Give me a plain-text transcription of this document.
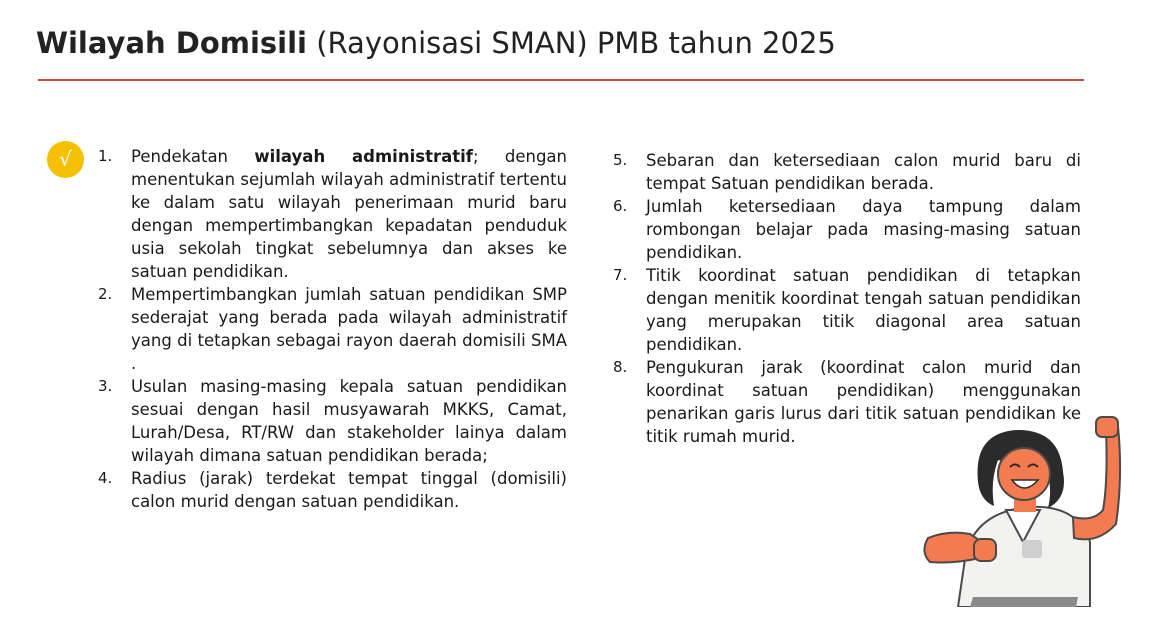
Wilayah Domisili (Rayonisasi SMAN) PMB tahun 2025
√	1. Pendekatan wilayah administratif; dengan menentukan sejumlah wilayah administratif tertentu ke dalam satu wilayah penerimaan murid baru dengan mempertimbangkan kepadatan penduduk usia sekolah tingkat sebelumnya dan akses ke satuan pendidikan.
2. Mempertimbangkan jumlah satuan pendidikan SMP sederajat yang berada pada wilayah administratif yang di tetapkan sebagai rayon daerah domisili SMA .
3. Usulan masing-masing kepala satuan pendidikan sesuai dengan hasil musyawarah MKKS, Camat, Lurah/Desa, RT/RW dan stakeholder lainya dalam wilayah dimana satuan pendidikan berada;
4. Radius (jarak) terdekat tempat tinggal (domisili) calon murid dengan satuan pendidikan.
5. Sebaran dan ketersediaan calon murid baru di tempat Satuan pendidikan berada.
6. Jumlah ketersediaan daya tampung dalam rombongan belajar pada masing-masing satuan pendidikan.
7. Titik koordinat satuan pendidikan di tetapkan dengan menitik koordinat tengah satuan pendidikan yang merupakan titik diagonal area satuan pendidikan.
8. Pengukuran jarak (koordinat calon murid dan koordinat satuan pendidikan) menggunakan penarikan garis lurus dari titik satuan pendidikan ke titik rumah murid.
